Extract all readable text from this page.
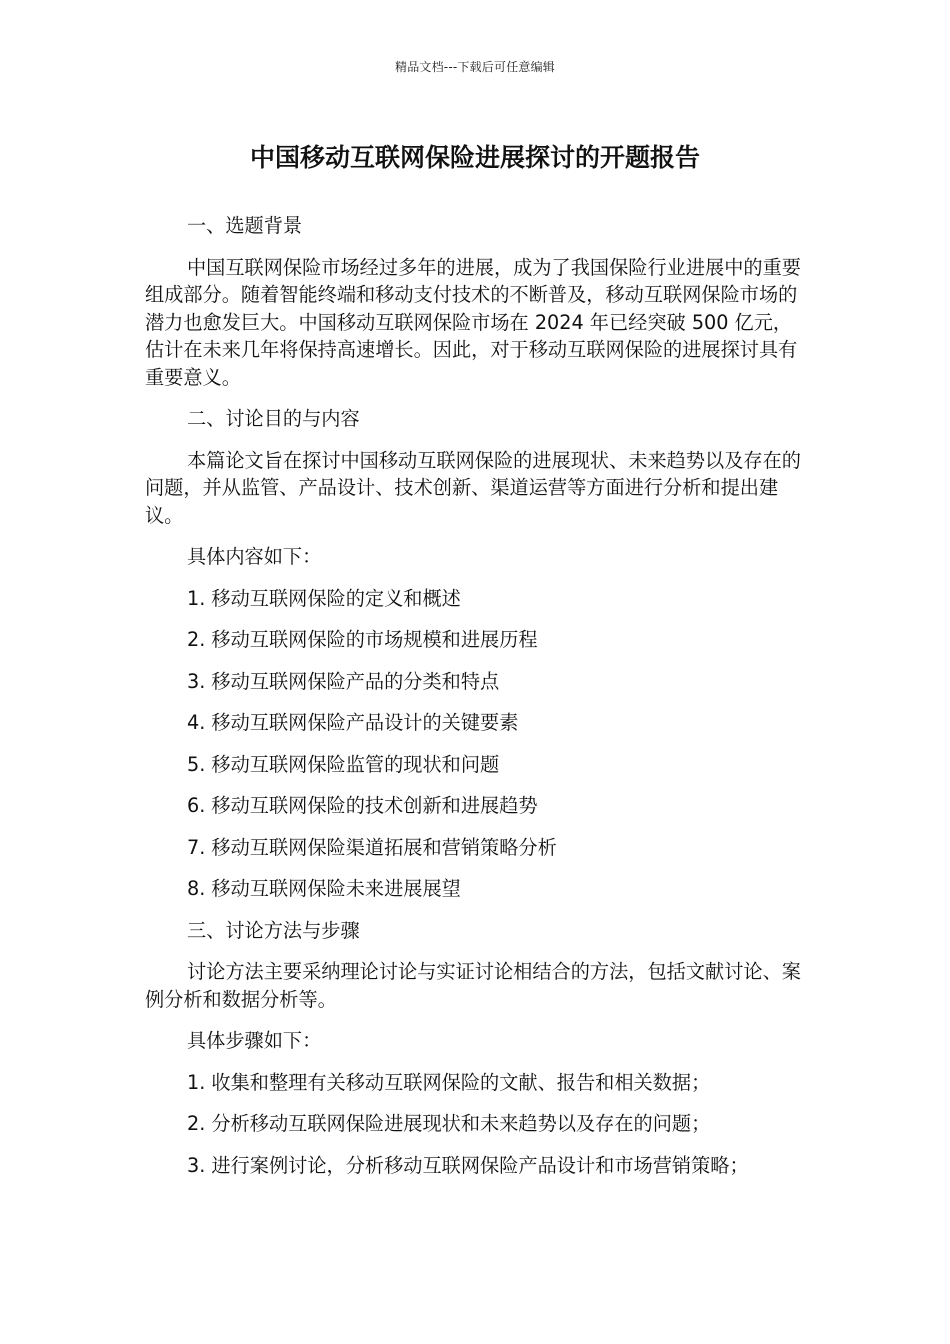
精品文档---下载后可任意编辑
中国移动互联网保险进展探讨的开题报告

一、选题背景

中国互联网保险市场经过多年的进展，成为了我国保险行业进展中的重要组成部分。随着智能终端和移动支付技术的不断普及，移动互联网保险市场的潜力也愈发巨大。中国移动互联网保险市场在 2024 年已经突破 500 亿元，估计在未来几年将保持高速增长。因此，对于移动互联网保险的进展探讨具有重要意义。

二、讨论目的与内容

本篇论文旨在探讨中国移动互联网保险的进展现状、未来趋势以及存在的问题，并从监管、产品设计、技术创新、渠道运营等方面进行分析和提出建议。

具体内容如下：

1. 移动互联网保险的定义和概述

2. 移动互联网保险的市场规模和进展历程

3. 移动互联网保险产品的分类和特点

4. 移动互联网保险产品设计的关键要素

5. 移动互联网保险监管的现状和问题

6. 移动互联网保险的技术创新和进展趋势

7. 移动互联网保险渠道拓展和营销策略分析

8. 移动互联网保险未来进展展望

三、讨论方法与步骤

讨论方法主要采纳理论讨论与实证讨论相结合的方法，包括文献讨论、案例分析和数据分析等。

具体步骤如下：

1. 收集和整理有关移动互联网保险的文献、报告和相关数据；

2. 分析移动互联网保险进展现状和未来趋势以及存在的问题；

3. 进行案例讨论，分析移动互联网保险产品设计和市场营销策略；
